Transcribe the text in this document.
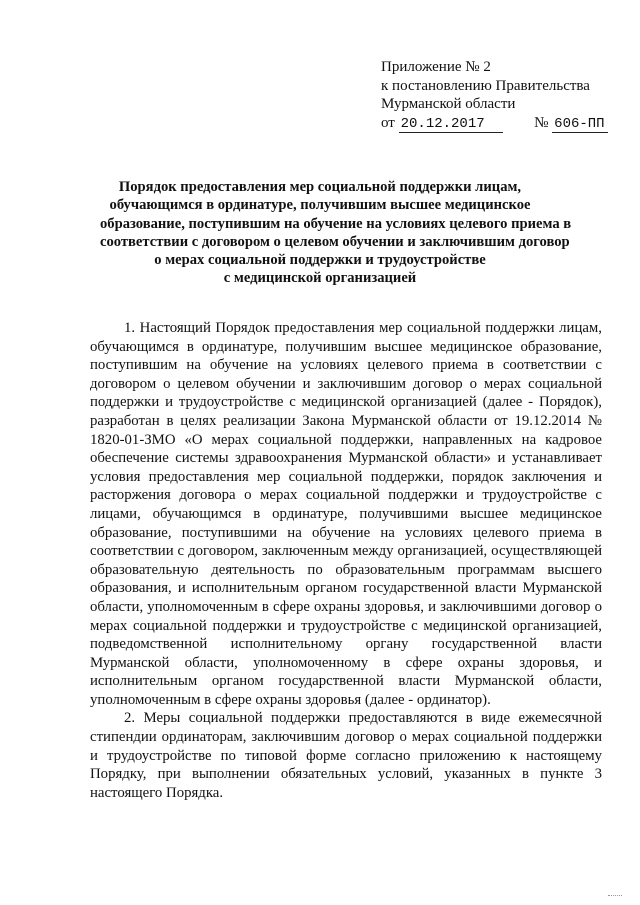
Приложение № 2
к постановлению Правительства
Мурманской области
от 20.12.2017	№ 606-ПП
Порядок предоставления мер социальной поддержки лицам,
обучающимся в ординатуре, получившим высшее медицинское
образование, поступившим на обучение на условиях целевого приема в
соответствии с договором о целевом обучении и заключившим договор
о мерах социальной поддержки и трудоустройстве
с медицинской организацией

1. Настоящий Порядок предоставления мер социальной поддержки лицам, обучающимся в ординатуре, получившим высшее медицинское образование, поступившим на обучение на условиях целевого приема в соответствии с договором о целевом обучении и заключившим договор о мерах социальной поддержки и трудоустройстве с медицинской организацией (далее - Порядок), разработан в целях реализации Закона Мурманской области от 19.12.2014 № 1820-01-ЗМО «О мерах социальной поддержки, направленных на кадровое обеспечение системы здравоохранения Мурманской области» и устанавливает условия предоставления мер социальной поддержки, порядок заключения и расторжения договора о мерах социальной поддержки и трудоустройстве с лицами, обучающимся в ординатуре, получившими высшее медицинское образование, поступившими на обучение на условиях целевого приема в соответствии с договором, заключенным между организацией, осуществляющей образовательную деятельность по образовательным программам высшего образования, и исполнительным органом государственной власти Мурманской области, уполномоченным в сфере охраны здоровья, и заключившими договор о мерах социальной поддержки и трудоустройстве с медицинской организацией, подведомственной исполнительному органу государственной власти Мурманской области, уполномоченному в сфере охраны здоровья, и исполнительным органом государственной власти Мурманской области, уполномоченным в сфере охраны здоровья (далее - ординатор).

2. Меры социальной поддержки предоставляются в виде ежемесячной стипендии ординаторам, заключившим договор о мерах социальной поддержки и трудоустройстве по типовой форме согласно приложению к настоящему Порядку, при выполнении обязательных условий, указанных в пункте 3 настоящего Порядка.
